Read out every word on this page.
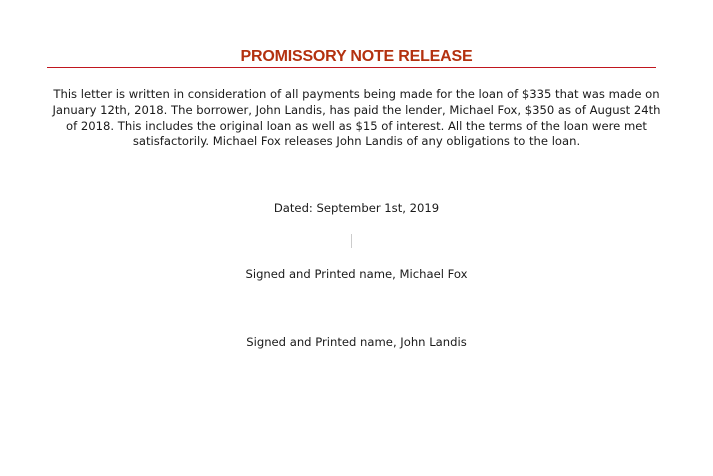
PROMISSORY NOTE RELEASE
This letter is written in consideration of all payments being made for the loan of $335 that was made on January 12th, 2018. The borrower, John Landis, has paid the lender, Michael Fox, $350 as of August 24th of 2018. This includes the original loan as well as $15 of interest. All the terms of the loan were met satisfactorily. Michael Fox releases John Landis of any obligations to the loan.
Dated: September 1st, 2019
Signed and Printed name, Michael Fox
Signed and Printed name, John Landis
